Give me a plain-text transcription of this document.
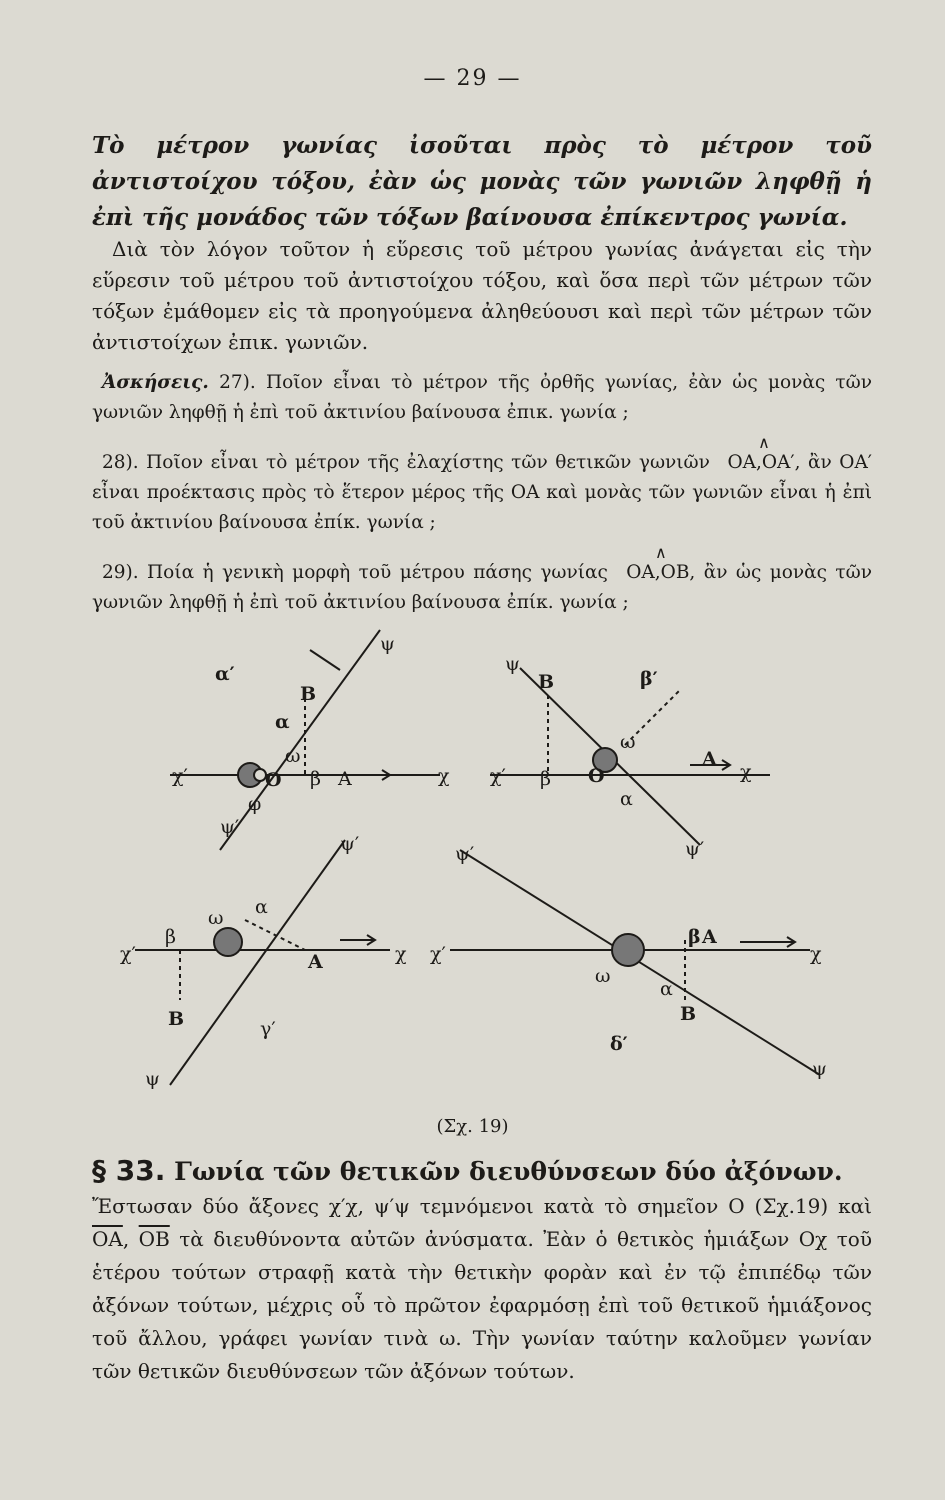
— 29 —

Τὸ μέτρον γωνίας ἰσοῦται πρὸς τὸ μέτρον τοῦ ἀντιστοίχου τόξου, ἐὰν ὡς μονὰς τῶν γωνιῶν ληφθῇ ἡ ἐπὶ τῆς μονάδος τῶν τόξων βαίνουσα ἐπίκεντρος γωνία.

Διὰ τὸν λόγον τοῦτον ἡ εὕρεσις τοῦ μέτρου γωνίας ἀνάγεται εἰς τὴν εὕρεσιν τοῦ μέτρου τοῦ ἀντιστοίχου τόξου, καὶ ὅσα περὶ τῶν μέτρων τῶν τόξων ἐμάθομεν εἰς τὰ προηγούμενα ἀληθεύουσι καὶ περὶ τῶν μέτρων τῶν ἀντιστοίχων ἐπικ. γωνιῶν.

Ἀσκήσεις. 27). Ποῖον εἶναι τὸ μέτρον τῆς ὀρθῆς γωνίας, ἐὰν ὡς μονὰς τῶν γωνιῶν ληφθῇ ἡ ἐπὶ τοῦ ἀκτινίου βαίνουσα ἐπικ. γωνία ;

28). Ποῖον εἶναι τὸ μέτρον τῆς ἐλαχίστης τῶν θετικῶν γωνιῶν ∧ ΟΑ,ΟΑ′, ἂν ΟΑ′ εἶναι προέκτασις πρὸς τὸ ἕτερον μέρος τῆς ΟΑ καὶ μονὰς τῶν γωνιῶν εἶναι ἡ ἐπὶ τοῦ ἀκτινίου βαίνουσα ἐπίκ. γωνία ;

29). Ποία ἡ γενικὴ μορφὴ τοῦ μέτρου πάσης γωνίας ∧ ΟΑ,ΟΒ, ἂν ὡς μονὰς τῶν γωνιῶν ληφθῇ ἡ ἐπὶ τοῦ ἀκτινίου βαίνουσα ἐπίκ. γωνία ;

α′
ψ
Β
α
ω
χ′	Ο β Α	χ
φ
ψ′
β′
ψ
Β
ω
χ′ β Ο
Α
χ
α
ψ′
ψ′
α
ω
β
χ′	Α	χ
Β
ψ
γ′
ψ′
χ′
β Α
χ
ω
α
Β
δ′
ψ
(Σχ. 19)
§ 33. Γωνία τῶν θετικῶν διευθύνσεων δύο ἀξόνων.

Ἔστωσαν δύο ἄξονες χ′χ, ψ′ψ τεμνόμενοι κατὰ τὸ σημεῖον Ο (Σχ.19) καὶ $\overline{OA}$, $\overline{OB}$ τὰ διευθύνοντα αὐτῶν ἀνύσματα. Ἐὰν ὁ θετικὸς ἡμιάξων Οχ τοῦ ἑτέρου τούτων στραφῇ κατὰ τὴν θετικὴν φορὰν καὶ ἐν τῷ ἐπιπέδῳ τῶν ἀξόνων τούτων, μέχρις οὗ τὸ πρῶτον ἐφαρμόσῃ ἐπὶ τοῦ θετικοῦ ἡμιάξονος τοῦ ἄλλου, γράφει γωνίαν τινὰ ω. Τὴν γωνίαν ταύτην καλοῦμεν γωνίαν τῶν θετικῶν διευθύνσεων τῶν ἀξόνων τούτων.
